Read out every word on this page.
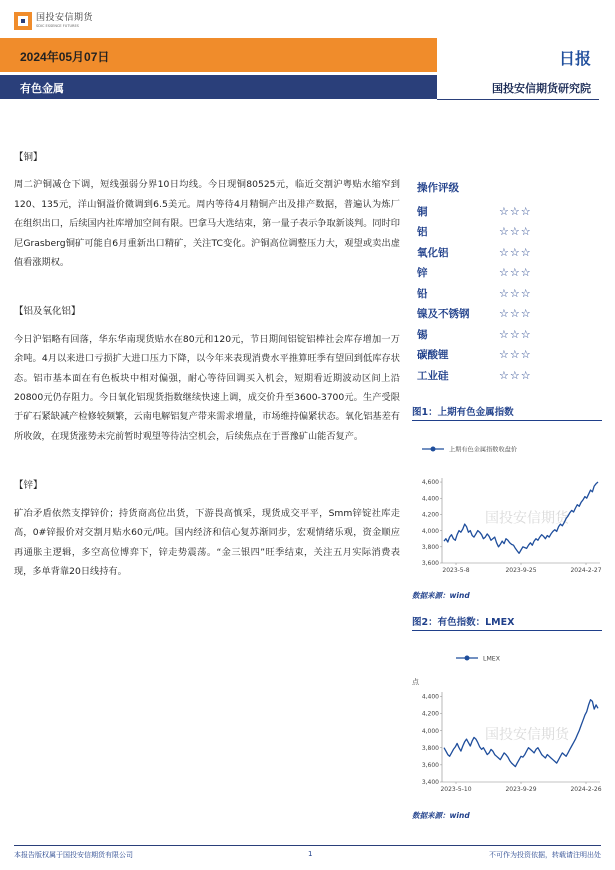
国投安信期货
SDIC ESSENCE FUTURES
2024年05月07日	日报
有色金属	国投安信期货研究院
【铜】
周二沪铜减仓下调，短线强弱分界10日均线。今日现铜80525元，临近交割沪粤贴水缩窄到120、135元，洋山铜溢价微调到6.5美元。周内等待4月精铜产出及排产数据，普遍认为炼厂在组织出口，后续国内社库增加空间有限。巴拿马大选结束，第一量子表示争取新谈判。同时印尼Grasberg铜矿可能自6月重新出口精矿，关注TC变化。沪铜高位调整压力大，观望或卖出虚值看涨期权。
【铝及氧化铝】
今日沪铝略有回落，华东华南现货贴水在80元和120元，节日期间铝锭铝棒社会库存增加一万余吨。4月以来进口亏损扩大进口压力下降，以今年来表现消费水平推算旺季有望回到低库存状态。铝市基本面在有色板块中相对偏强，耐心等待回调买入机会，短期看近期波动区间上沿20800元仍存阻力。今日氧化铝现货指数继续快速上调，成交价升至3600-3700元。生产受限于矿石紧缺减产检修较频繁，云南电解铝复产带来需求增量，市场维持偏紧状态。氧化铝基差有所收敛，在现货涨势未完前暂时观望等待沽空机会，后续焦点在于晋豫矿山能否复产。
【锌】
矿冶矛盾依然支撑锌价；持货商高位出货，下游畏高慎采，现货成交平平，Smm锌锭社库走高，0#锌报价对交割月贴水60元/吨。国内经济和信心复苏渐同步，宏观情绪乐观，资金顺应再通胀主逻辑，多空高位博弈下，锌走势震荡。“金三银四”旺季结束，关注五月实际消费表现，多单背靠20日线持有。
操作评级
铜	☆☆☆
铝	☆☆☆
氧化铝	☆☆☆
锌	☆☆☆
铅	☆☆☆
镍及不锈钢	☆☆☆
锡	☆☆☆
碳酸锂	☆☆☆
工业硅	☆☆☆
图1：上期有色金属指数
上期有色金属指数收盘价
国投安信期货
3,600
3,800
4,000
4,200
4,400
4,600
2023-5-8	2023-9-25	2024-2-27
数据来源：wind
图2：有色指数：LMEX
LMEX
点
国投安信期货
3,400
3,600
3,800
4,000
4,200
4,400
2023-5-10	2023-9-29	2024-2-26
数据来源：wind
本报告版权属于国投安信期货有限公司	1	不可作为投资依据，转载请注明出处
